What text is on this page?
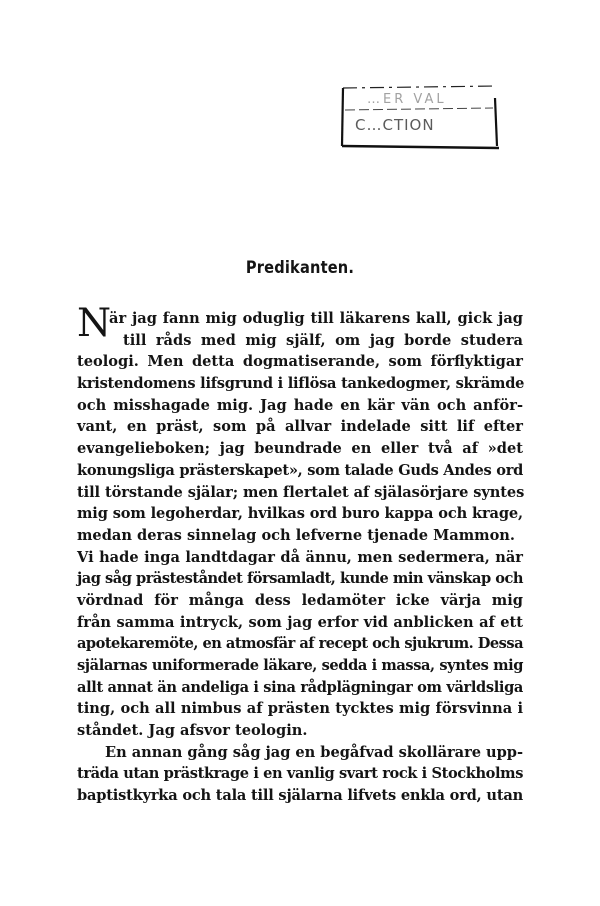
…ER VAL
C…CTION
Predikanten.
N
är jag fann mig oduglig till läkarens kall, gick jag
till råds med mig själf, om jag borde studera
teologi. Men detta dogmatiserande, som förflyktigar
kristendomens lifsgrund i liflösa tankedogmer, skrämde
och misshagade mig. Jag hade en kär vän och anför-
vant, en präst, som på allvar indelade sitt lif efter
evangelieboken; jag beundrade en eller två af »det
konungsliga prästerskapet», som talade Guds Andes ord
till törstande själar; men flertalet af själasörjare syntes
mig som legoherdar, hvilkas ord buro kappa och krage,
medan deras sinnelag och lefverne tjenade Mammon.
Vi hade inga landtdagar då ännu, men sedermera, när
jag såg prästeståndet församladt, kunde min vänskap och
vördnad för många dess ledamöter icke värja mig
från samma intryck, som jag erfor vid anblicken af ett
apotekaremöte, en atmosfär af recept och sjukrum. Dessa
själarnas uniformerade läkare, sedda i massa, syntes mig
allt annat än andeliga i sina rådplägningar om världsliga
ting, och all nimbus af prästen tycktes mig försvinna i
ståndet. Jag afsvor teologin.
En annan gång såg jag en begåfvad skollärare upp-
träda utan prästkrage i en vanlig svart rock i Stockholms
baptistkyrka och tala till själarna lifvets enkla ord, utan
